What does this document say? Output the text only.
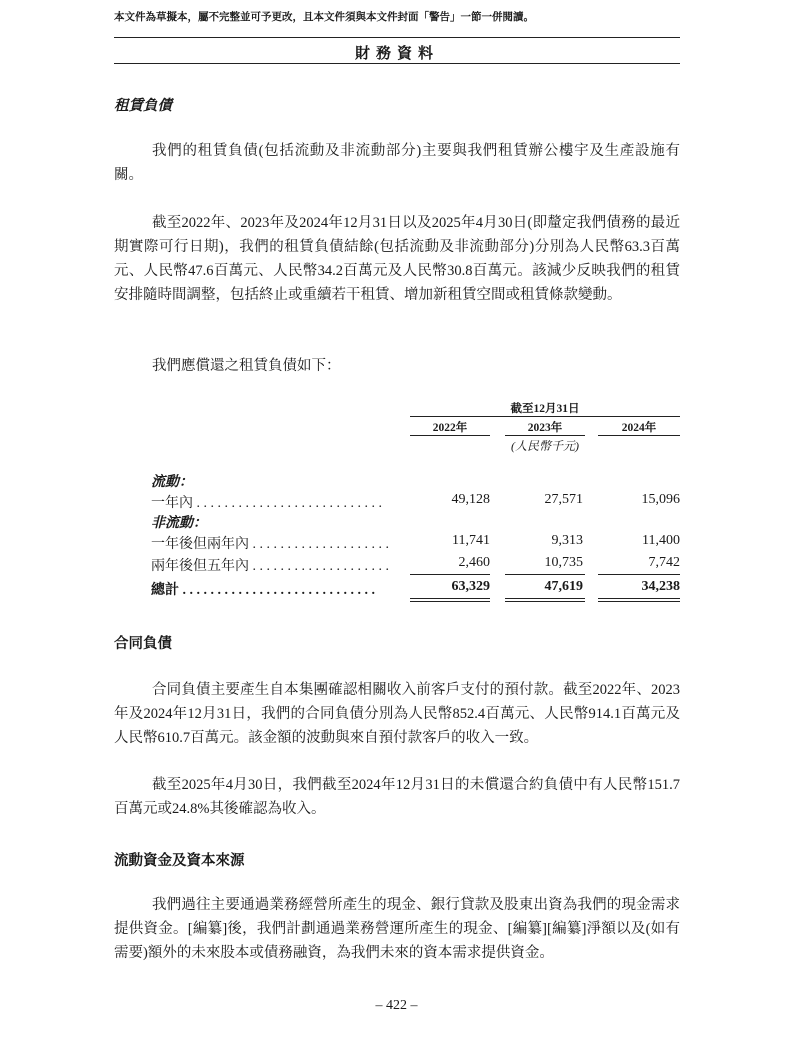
本文件為草擬本，屬不完整並可予更改，且本文件須與本文件封面「警告」一節一併閱讀。
財務資料
租賃負債
我們的租賃負債(包括流動及非流動部分)主要與我們租賃辦公樓宇及生產設施有關。
截至2022年、2023年及2024年12月31日以及2025年4月30日(即釐定我們債務的最近期實際可行日期)，我們的租賃負債結餘(包括流動及非流動部分)分別為人民幣63.3百萬元、人民幣47.6百萬元、人民幣34.2百萬元及人民幣30.8百萬元。該減少反映我們的租賃安排隨時間調整，包括終止或重續若干租賃、增加新租賃空間或租賃條款變動。
我們應償還之租賃負債如下：
截至12月31日
2022年	2023年	2024年
(人民幣千元)
流動：
一年內 . . . . . . . . . . . . . . . . . . . . . . . . . . .	49,128	27,571	15,096
非流動：
一年後但兩年內 . . . . . . . . . . . . . . . . . . . .	11,741	9,313	11,400
兩年後但五年內 . . . . . . . . . . . . . . . . . . . .	2,460	10,735	7,742
總計 . . . . . . . . . . . . . . . . . . . . . . . . . . . .	63,329	47,619	34,238
合同負債
合同負債主要產生自本集團確認相關收入前客戶支付的預付款。截至2022年、2023年及2024年12月31日，我們的合同負債分別為人民幣852.4百萬元、人民幣914.1百萬元及人民幣610.7百萬元。該金額的波動與來自預付款客戶的收入一致。
截至2025年4月30日，我們截至2024年12月31日的未償還合約負債中有人民幣151.7百萬元或24.8%其後確認為收入。
流動資金及資本來源
我們過往主要通過業務經營所產生的現金、銀行貸款及股東出資為我們的現金需求提供資金。[編纂]後，我們計劃通過業務營運所產生的現金、[編纂][編纂]淨額以及(如有需要)額外的未來股本或債務融資，為我們未來的資本需求提供資金。
– 422 –
